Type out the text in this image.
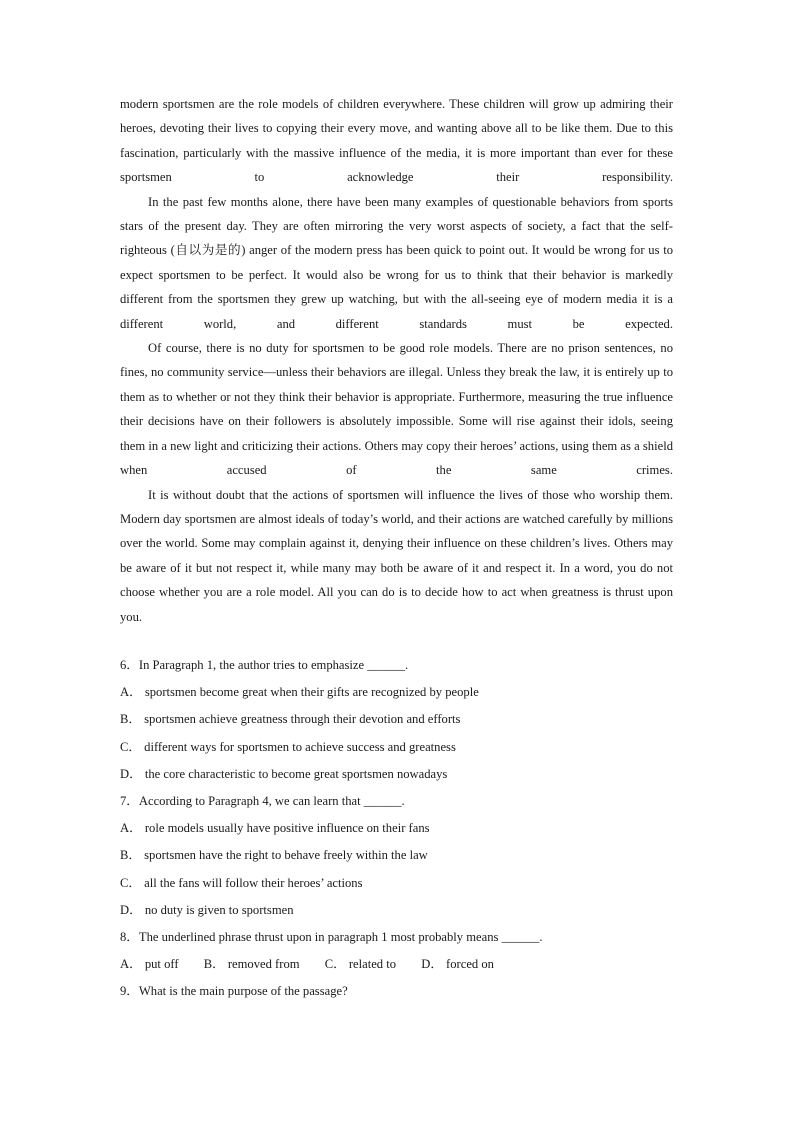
modern sportsmen are the role models of children everywhere. These children will grow up admiring their heroes, devoting their lives to copying their every move, and wanting above all to be like them. Due to this fascination, particularly with the massive influence of the media, it is more important than ever for these sportsmen to acknowledge their responsibility.

In the past few months alone, there have been many examples of questionable behaviors from sports stars of the present day. They are often mirroring the very worst aspects of society, a fact that the self-righteous (自以为是的) anger of the modern press has been quick to point out. It would be wrong for us to expect sportsmen to be perfect. It would also be wrong for us to think that their behavior is markedly different from the sportsmen they grew up watching, but with the all-seeing eye of modern media it is a different world, and different standards must be expected.

Of course, there is no duty for sportsmen to be good role models. There are no prison sentences, no fines, no community service—unless their behaviors are illegal. Unless they break the law, it is entirely up to them as to whether or not they think their behavior is appropriate. Furthermore, measuring the true influence their decisions have on their followers is absolutely impossible. Some will rise against their idols, seeing them in a new light and criticizing their actions. Others may copy their heroes’ actions, using them as a shield when accused of the same crimes.

It is without doubt that the actions of sportsmen will influence the lives of those who worship them. Modern day sportsmen are almost ideals of today’s world, and their actions are watched carefully by millions over the world. Some may complain against it, denying their influence on these children’s lives. Others may be aware of it but not respect it, while many may both be aware of it and respect it. In a word, you do not choose whether you are a role model. All you can do is to decide how to act when greatness is thrust upon you.

6．In Paragraph 1, the author tries to emphasize ______.
A． sportsmen become great when their gifts are recognized by people
B． sportsmen achieve greatness through their devotion and efforts
C． different ways for sportsmen to achieve success and greatness
D． the core characteristic to become great sportsmen nowadays
7．According to Paragraph 4, we can learn that ______.
A． role models usually have positive influence on their fans
B． sportsmen have the right to behave freely within the law
C． all the fans will follow their heroes’ actions
D． no duty is given to sportsmen
8．The underlined phrase thrust upon in paragraph 1 most probably means ______.
A． put off B． removed from C． related to D． forced on
9．What is the main purpose of the passage?
